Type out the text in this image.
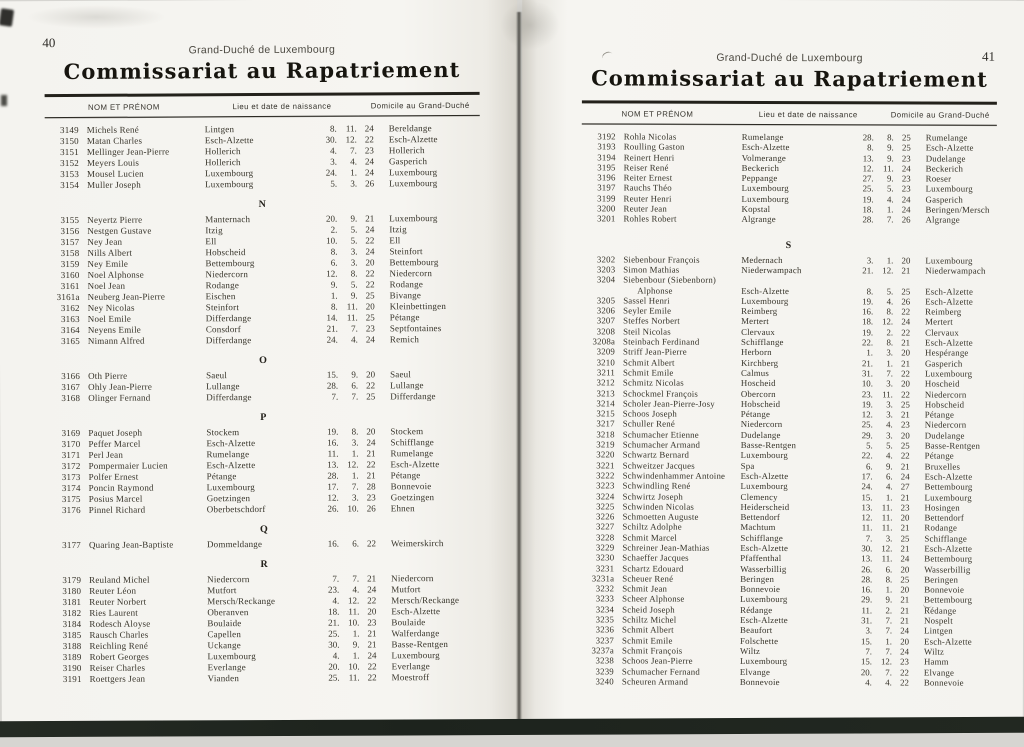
40	Grand-Duché de Luxembourg
Commissariat au Rapatriement
NOM ET PRÉNOM	Lieu et date de naissance	Domicile au Grand-Duché
3149 Michels René	Lintgen	8.	11. 24	Bereldange
3150 Matan Charles	Esch-Alzette	30. 12. 22	Esch-Alzette
3151 Mellinger Jean-Pierre	Hollerich	4.	7. 23	Hollerich
3152 Meyers Louis	Hollerich	3.	4. 24	Gasperich
3153 Mousel Lucien	Luxembourg	24.	1. 24	Luxembourg
3154 Muller Joseph	Luxembourg	5.	3. 26	Luxembourg
N
3155 Neyertz Pierre	Manternach	20.	9. 21	Luxembourg
3156 Nestgen Gustave	Itzig	2.	5. 24	Itzig
3157 Ney Jean	Ell	10.	5. 22	Ell
3158 Nills Albert	Hobscheid	8.	3. 24	Steinfort
3159 Ney Emile	Bettembourg	6.	3. 20	Bettembourg
3160 Noel Alphonse	Niedercorn	12.	8. 22	Niedercorn
3161 Noel Jean	Rodange	9.	5. 22	Rodange
3161a Neuberg Jean-Pierre	Eischen	1.	9. 25	Bivange
3162 Ney Nicolas	Steinfort	8.	11. 20	Kleinbettingen
3163 Noel Emile	Differdange	14.	11. 25	Pétange
3164 Neyens Emile	Consdorf	21.	7. 23	Septfontaines
3165 Nimann Alfred	Differdange	24.	4. 24	Remich
O
3166 Oth Pierre	Saeul	15.	9. 20	Saeul
3167 Ohly Jean-Pierre	Lullange	28.	6. 22	Lullange
3168 Olinger Fernand	Differdange	7.	7. 25	Differdange
P
3169 Paquet Joseph	Stockem	19.	8. 20	Stockem
3170 Peffer Marcel	Esch-Alzette	16.	3. 24	Schifflange
3171 Perl Jean	Rumelange	11.	1. 21	Rumelange
3172 Pompermaier Lucien	Esch-Alzette	13. 12. 22	Esch-Alzette
3173 Polfer Ernest	Pétange	28.	1. 21	Pétange
3174 Poncin Raymond	Luxembourg	17.	7. 28	Bonnevoie
3175 Posius Marcel	Goetzingen	12.	3. 23	Goetzingen
3176 Pinnel Richard	Oberbetschdorf	26. 10. 26	Ehnen
Q
3177 Quaring Jean-Baptiste	Dommeldange	16.	6. 22	Weimerskirch
R
3179 Reuland Michel	Niedercorn	7.	7. 21	Niedercorn
3180 Reuter Léon	Mutfort	23.	4. 24	Mutfort
3181 Reuter Norbert	Mersch/Reckange	4. 12. 22	Mersch/Reckange
3182 Ries Laurent	Oberanven	18.	11. 20	Esch-Alzette
3184 Rodesch Aloyse	Boulaide	21. 10. 23	Boulaide
3185 Rausch Charles	Capellen	25.	1. 21	Walferdange
3188 Reichling René	Uckange	30.	9. 21	Basse-Rentgen
3189 Robert Georges	Luxembourg	4.	1. 24	Luxembourg
3190 Reiser Charles	Everlange	20. 10. 22	Everlange
3191 Roettgers Jean	Vianden	25.	11. 22	Moestroff
41
Grand-Duché de Luxembourg
Commissariat au Rapatriement
NOM ET PRÉNOM	Lieu et date de naissance	Domicile au Grand-Duché
3192 Rohla Nicolas	Rumelange	28.	8. 25	Rumelange
3193 Roulling Gaston	Esch-Alzette	8.	9. 25	Esch-Alzette
3194 Reinert Henri	Volmerange	13.	9. 23	Dudelange
3195 Reiser René	Beckerich	12.	11. 24	Beckerich
3196 Reiter Ernest	Peppange	27.	9. 23	Roeser
3197 Rauchs Théo	Luxembourg	25.	5. 23	Luxembourg
3199 Reuter Henri	Luxembourg	19.	4. 24	Gasperich
3200 Reuter Jean	Kopstal	18.	1. 24	Beringen/Mersch
3201 Rohles Robert	Algrange	28.	7. 26	Algrange
S
3202 Siebenbour François	Medernach	3.	1. 20	Luxembourg
3203 Simon Mathias	Niederwampach	21.	12. 21	Niederwampach
3204 Siebenbour (Siebenborn)
Alphonse	Esch-Alzette	8.	5. 25	Esch-Alzette
3205 Sassel Henri	Luxembourg	19.	4. 26	Esch-Alzette
3206 Seyler Emile	Reimberg	16.	8. 22	Reimberg
3207 Steffes Norbert	Mertert	18.	12. 24	Mertert
3208 Steil Nicolas	Clervaux	19.	2. 22	Clervaux
3208a Steinbach Ferdinand	Schifflange	22.	8. 21	Esch-Alzette
3209 Striff Jean-Pierre	Herborn	1.	3. 20	Hespérange
3210 Schmit Albert	Kirchberg	21.	1. 21	Gasperich
3211 Schmit Emile	Calmus	31.	7. 22	Luxembourg
3212 Schmitz Nicolas	Hoscheid	10.	3. 20	Hoscheid
3213 Schockmel François	Obercorn	23.	11. 22	Niedercorn
3214 Scholer Jean-Pierre-Josy	Hobscheid	19.	3. 25	Hobscheid
3215 Schoos Joseph	Pétange	12.	3. 21	Pétange
3217 Schuller René	Niedercorn	25.	4. 23	Niedercorn
3218 Schumacher Etienne	Dudelange	29.	3. 20	Dudelange
3219 Schumacher Armand	Basse-Rentgen	5.	5. 25	Basse-Rentgen
3220 Schwartz Bernard	Luxembourg	22.	4. 22	Pétange
3221 Schweitzer Jacques	Spa	6.	9. 21	Bruxelles
3222 Schwindenhammer Antoine	Esch-Alzette	17.	6. 24	Esch-Alzette
3223 Schwindling René	Luxembourg	24.	4. 27	Bettembourg
3224 Schwirtz Joseph	Clemency	15.	1. 21	Luxembourg
3225 Schwinden Nicolas	Heiderscheid	13.	11. 23	Hosingen
3226 Schmoetten Auguste	Bettendorf	12.	11. 20	Bettendorf
3227 Schiltz Adolphe	Machtum	11.	11. 21	Rodange
3228 Schmit Marcel	Schifflange	7.	3. 25	Schifflange
3229 Schreiner Jean-Mathias	Esch-Alzette	30.	12. 21	Esch-Alzette
3230 Schaeffer Jacques	Pfaffenthal	13.	11. 24	Bettembourg
3231 Schartz Edouard	Wasserbillig	26.	6. 20	Wasserbillig
3231a Scheuer René	Beringen	28.	8. 25	Beringen
3232 Schmit Jean	Bonnevoie	16.	1. 20	Bonnevoie
3233 Scheer Alphonse	Luxembourg	29.	9. 21	Bettembourg
3234 Scheid Joseph	Rédange	11.	2. 21	Rédange
3235 Schiltz Michel	Esch-Alzette	31.	7. 21	Nospelt
3236 Schmit Albert	Beaufort	3.	7. 24	Lintgen
3237 Schmit Emile	Folschette	15.	1. 20	Esch-Alzette
3237a Schmit François	Wiltz	7.	7. 24	Wiltz
3238 Schoos Jean-Pierre	Luxembourg	15.	12. 23	Hamm
3239 Schumacher Fernand	Elvange	20.	7. 22	Elvange
3240 Scheuren Armand	Bonnevoie	4.	4. 22	Bonnevoie
